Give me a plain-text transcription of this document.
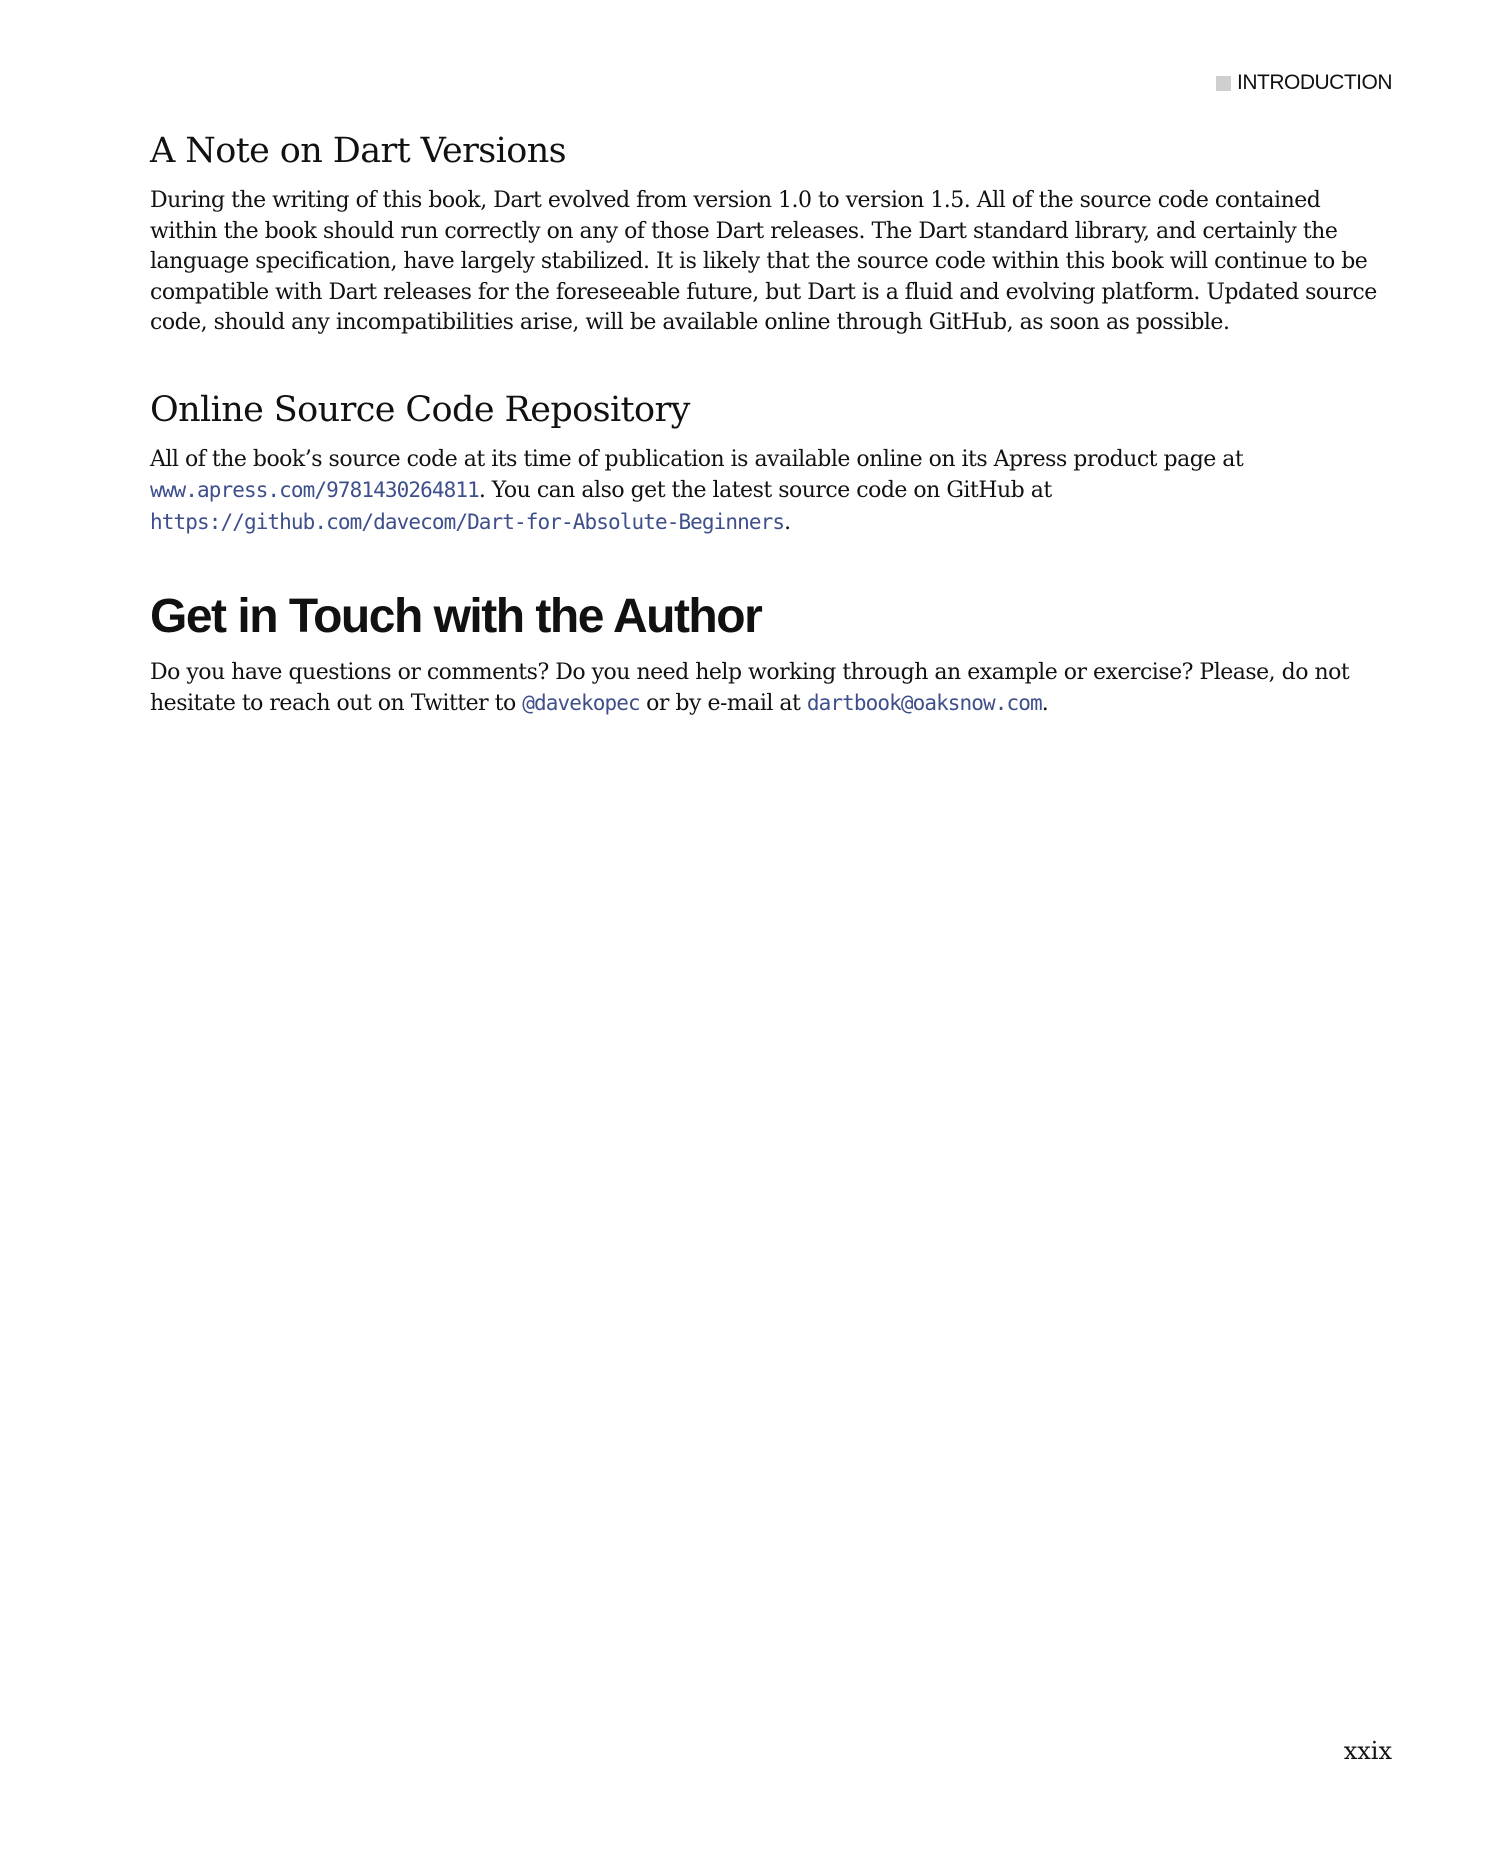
INTRODUCTION
A Note on Dart Versions

During the writing of this book, Dart evolved from version 1.0 to version 1.5. All of the source code contained within the book should run correctly on any of those Dart releases. The Dart standard library, and certainly the language specification, have largely stabilized. It is likely that the source code within this book will continue to be compatible with Dart releases for the foreseeable future, but Dart is a fluid and evolving platform. Updated source code, should any incompatibilities arise, will be available online through GitHub, as soon as possible.

Online Source Code Repository

All of the book’s source code at its time of publication is available online on its Apress product page at www.apress.com/9781430264811. You can also get the latest source code on GitHub at
https://github.com/davecom/Dart-for-Absolute-Beginners.

Get in Touch with the Author

Do you have questions or comments? Do you need help working through an example or exercise? Please, do not hesitate to reach out on Twitter to @davekopec or by e-mail at dartbook@oaksnow.com.

xxix
